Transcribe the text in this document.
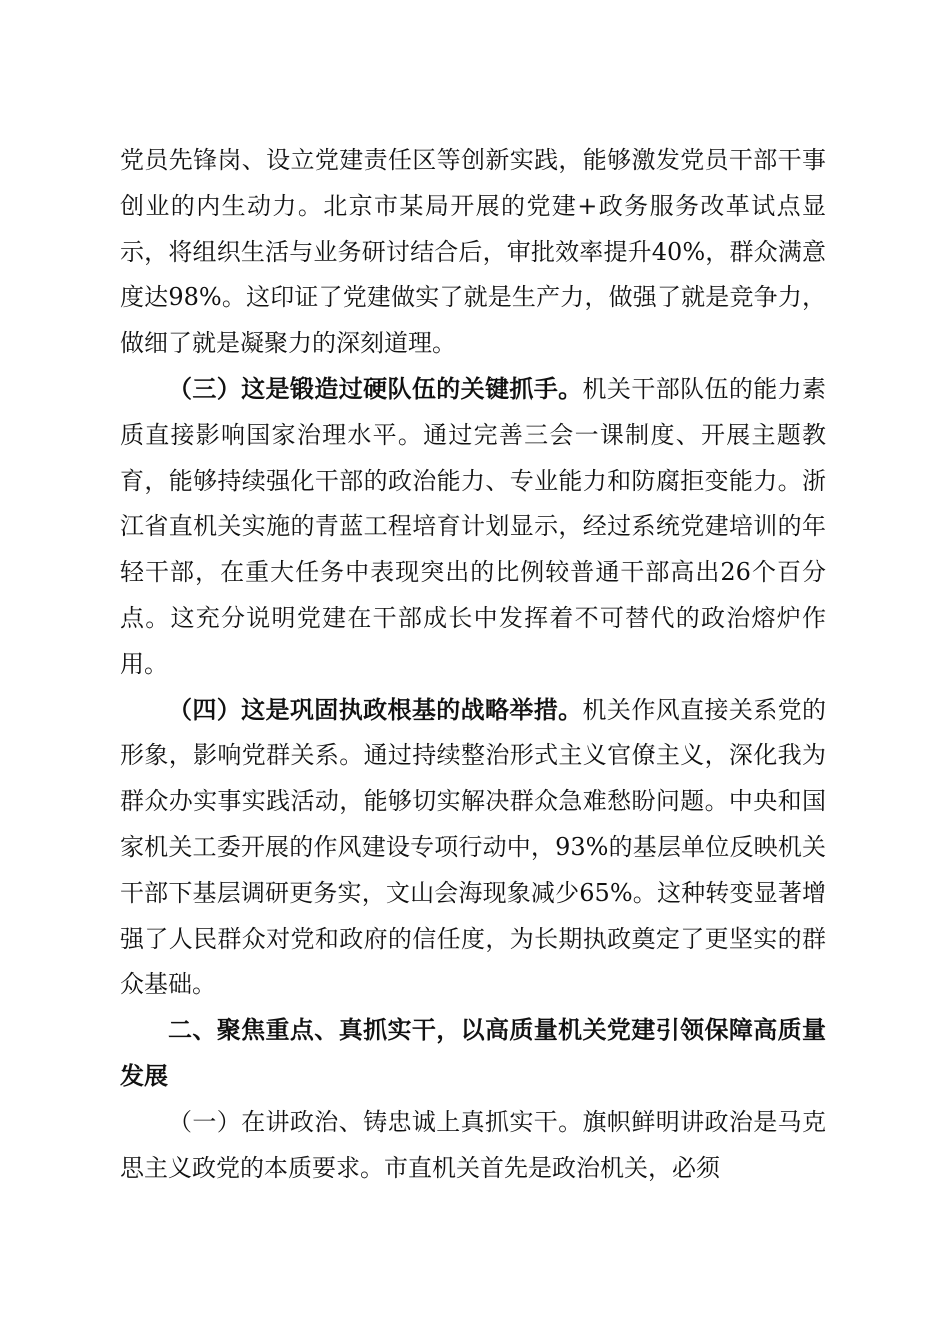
党员先锋岗、设立党建责任区等创新实践，能够激发党员干部干事创业的内生动力。北京市某局开展的党建+政务服务改革试点显示，将组织生活与业务研讨结合后，审批效率提升40%，群众满意度达98%。这印证了党建做实了就是生产力，做强了就是竞争力，做细了就是凝聚力的深刻道理。

（三）这是锻造过硬队伍的关键抓手。机关干部队伍的能力素质直接影响国家治理水平。通过完善三会一课制度、开展主题教育，能够持续强化干部的政治能力、专业能力和防腐拒变能力。浙江省直机关实施的青蓝工程培育计划显示，经过系统党建培训的年轻干部，在重大任务中表现突出的比例较普通干部高出26个百分点。这充分说明党建在干部成长中发挥着不可替代的政治熔炉作用。

（四）这是巩固执政根基的战略举措。机关作风直接关系党的形象，影响党群关系。通过持续整治形式主义官僚主义，深化我为群众办实事实践活动，能够切实解决群众急难愁盼问题。中央和国家机关工委开展的作风建设专项行动中，93%的基层单位反映机关干部下基层调研更务实，文山会海现象减少65%。这种转变显著增强了人民群众对党和政府的信任度，为长期执政奠定了更坚实的群众基础。

二、聚焦重点、真抓实干，以高质量机关党建引领保障高质量发展

（一）在讲政治、铸忠诚上真抓实干。旗帜鲜明讲政治是马克思主义政党的本质要求。市直机关首先是政治机关，必须
